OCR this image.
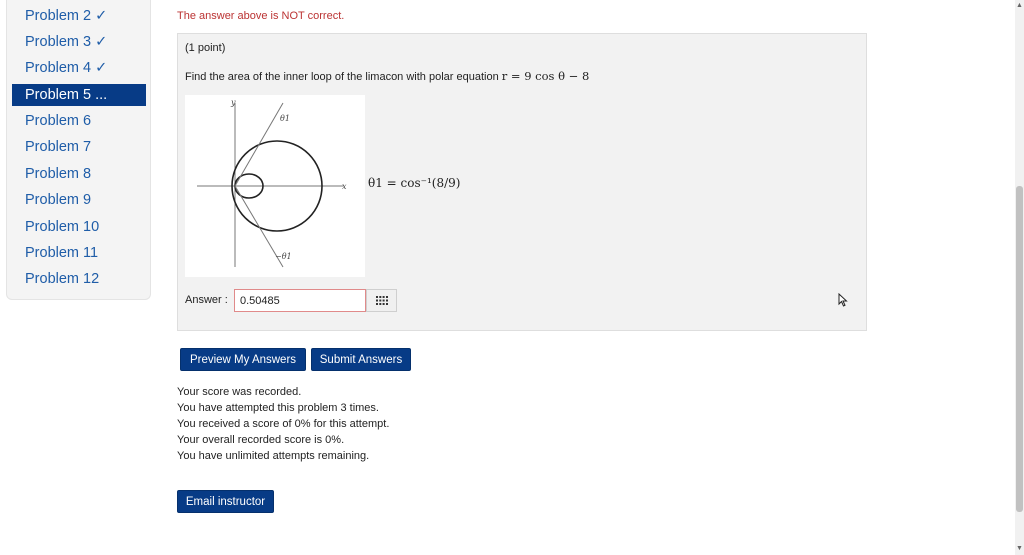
Problem 2 ✓
Problem 3 ✓
Problem 4 ✓
Problem 5 ...
Problem 6
Problem 7
Problem 8
Problem 9
Problem 10
Problem 11
Problem 12
The answer above is NOT correct.
(1 point)
Find the area of the inner loop of the limacon with polar equation r = 9 cos θ − 8
y
x
θ1
−θ1
θ1 = cos⁻¹(8/9)
Answer :
0.50485
Preview My Answers	Submit Answers
Your score was recorded.
You have attempted this problem 3 times.
You received a score of 0% for this attempt.
Your overall recorded score is 0%.
You have unlimited attempts remaining.
Email instructor
▲
▼
